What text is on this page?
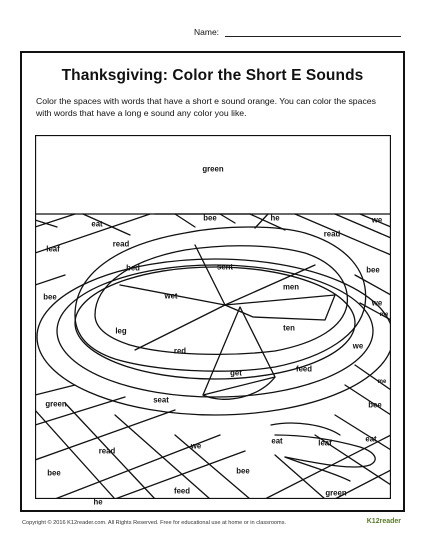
Name:
Thanksgiving: Color the Short E Sounds
Color the spaces with words that have a short e sound orange. You can color the spaces with words that have a long e sound any color you like.
green
eat
bee	he
read
we
leaf
read
bed	sent	bee
bee	wet
men
we
me
leg	ten
we
red
get	feed
me
seat
green	bee
we
eat	leaf	eat
read
bee
bee
feed	green
he
Copyright © 2016 K12reader.com. All Rights Reserved. Free for educational use at home or in classrooms.	K12reader
